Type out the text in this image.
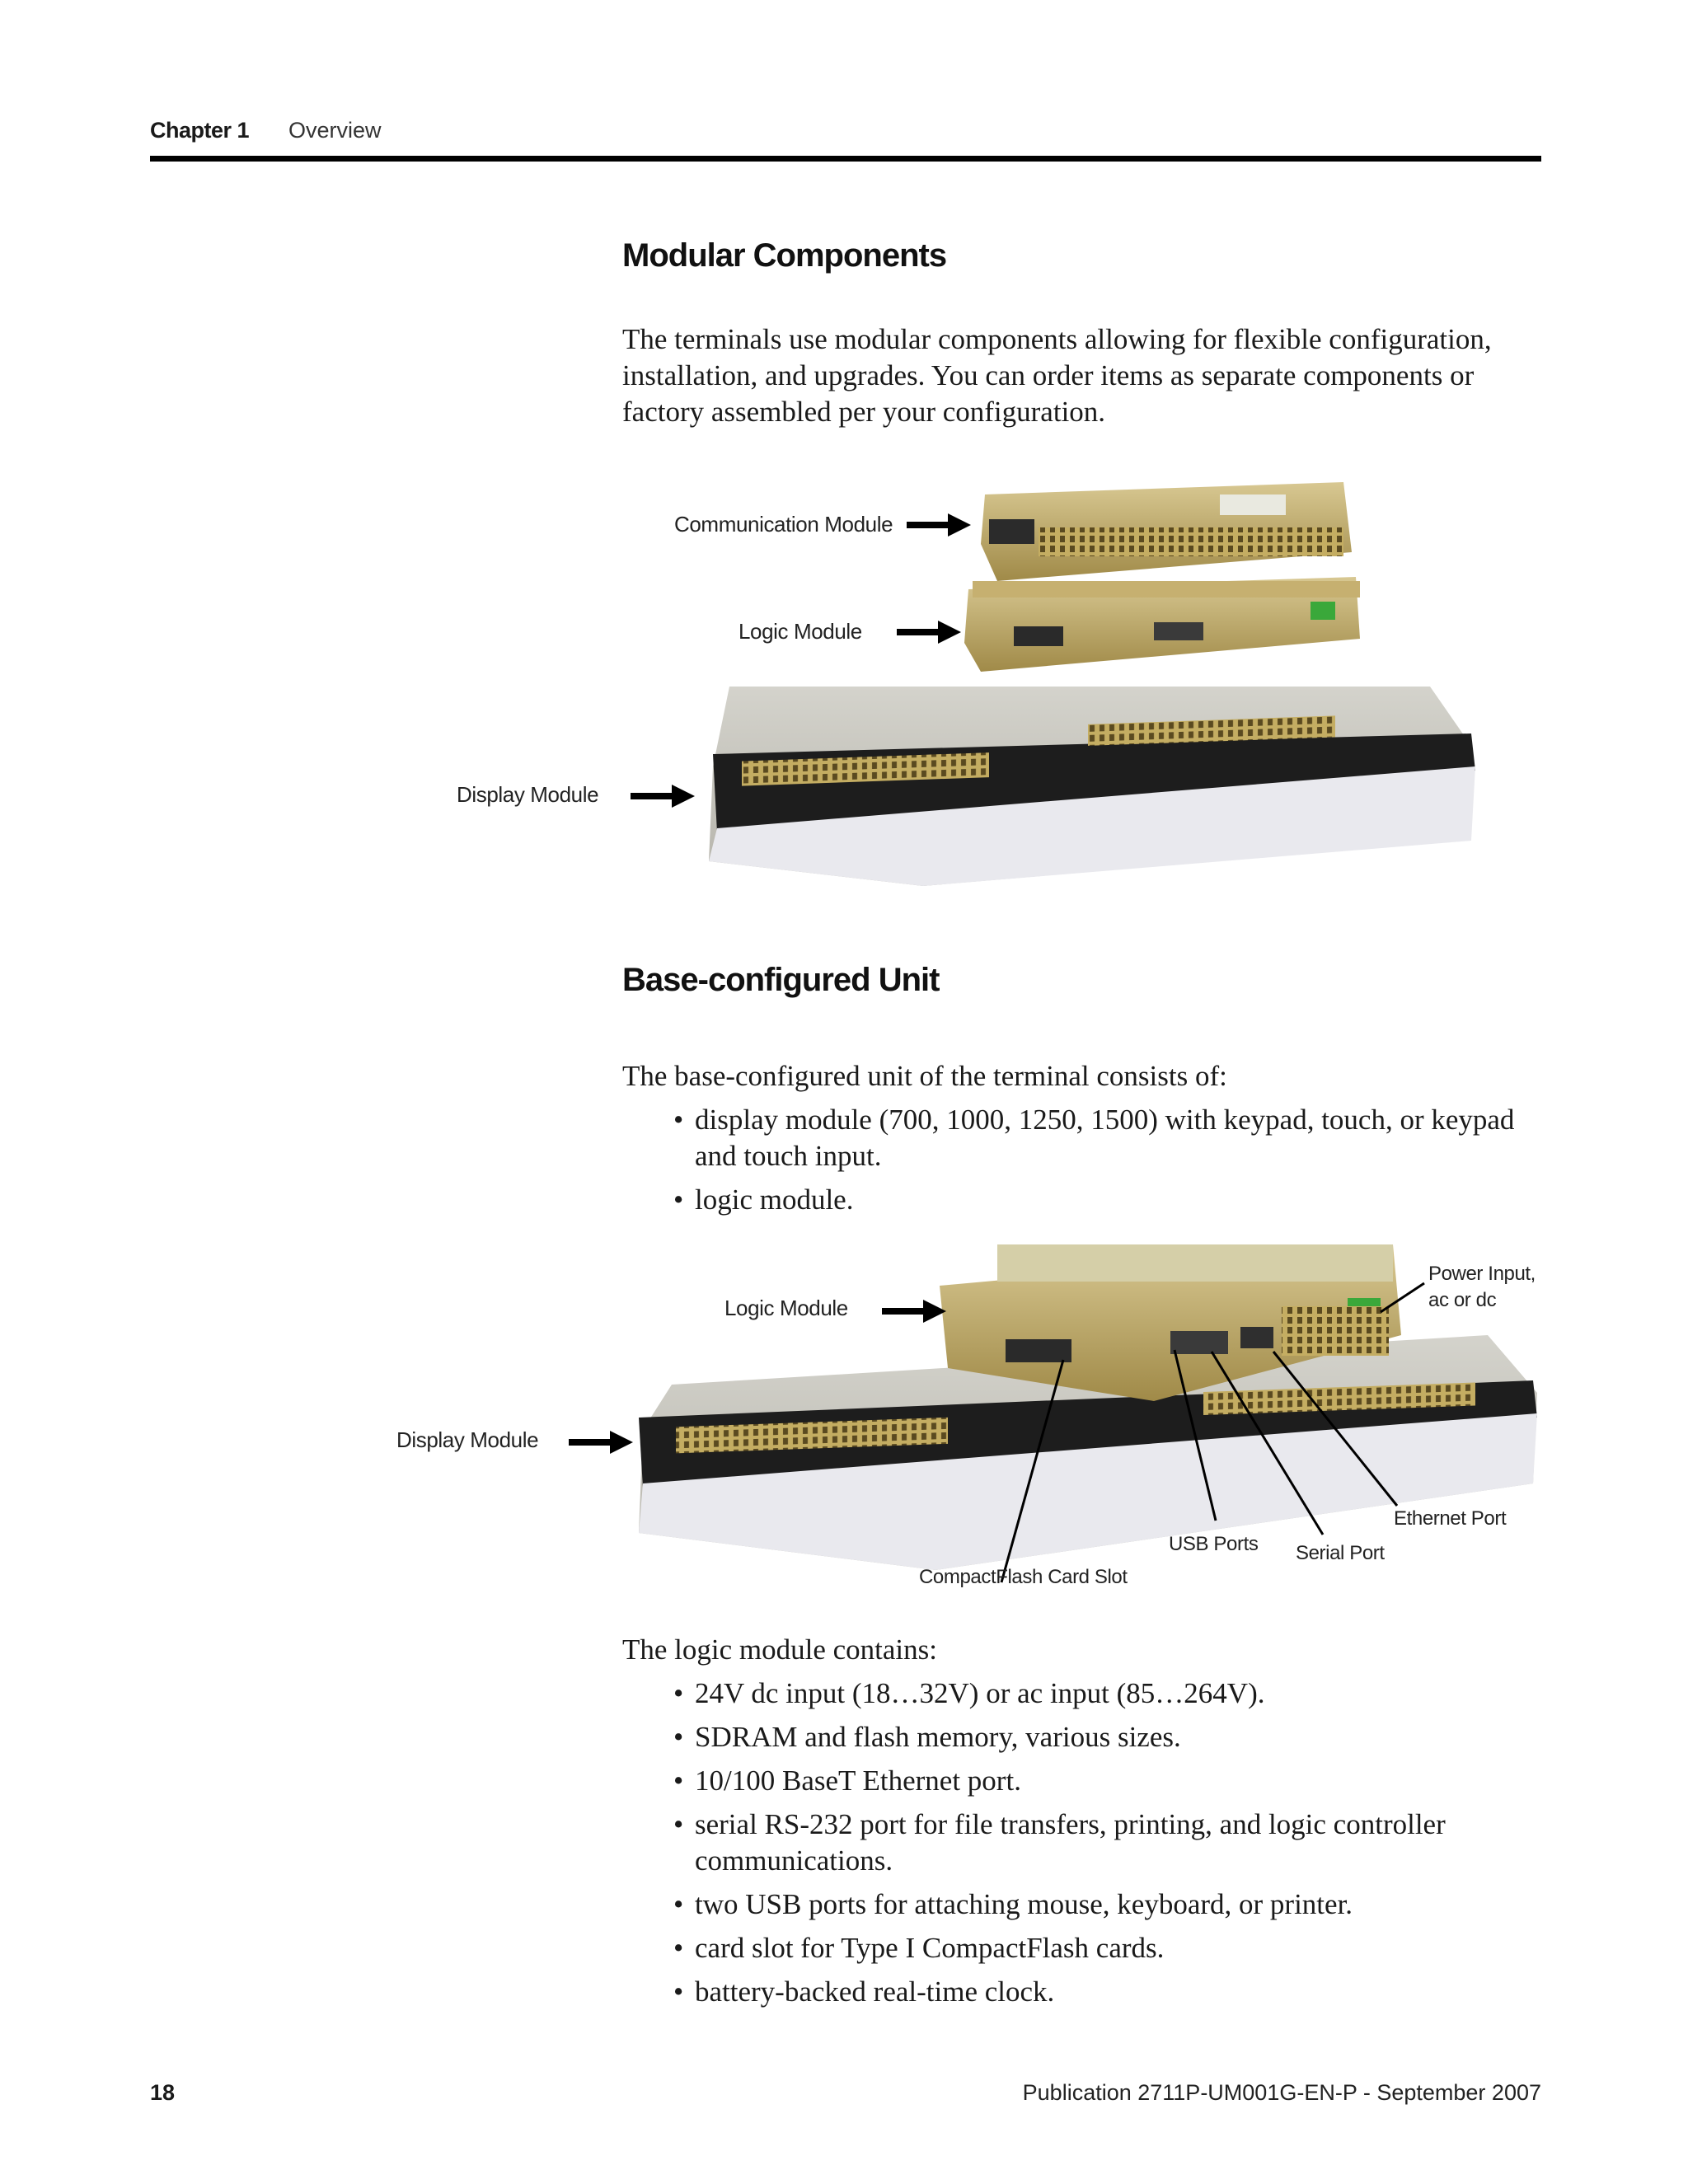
Chapter 1 Overview
Modular Components
The terminals use modular components allowing for flexible configuration, installation, and upgrades. You can order items as separate components or factory assembled per your configuration.
Communication Module
Logic Module
Display Module
Base-configured Unit
The base-configured unit of the terminal consists of:
• display module (700, 1000, 1250, 1500) with keypad, touch, or keypad and touch input.
• logic module.
Logic Module
Display Module
Power Input,
ac or dc
Ethernet Port
USB Ports Serial Port
CompactFlash Card Slot
The logic module contains:
• 24V dc input (18…32V) or ac input (85…264V).
• SDRAM and flash memory, various sizes.
• 10/100 BaseT Ethernet port.
• serial RS-232 port for file transfers, printing, and logic controller communications.
• two USB ports for attaching mouse, keyboard, or printer.
• card slot for Type I CompactFlash cards.
• battery-backed real-time clock.
18	Publication 2711P-UM001G-EN-P - September 2007
